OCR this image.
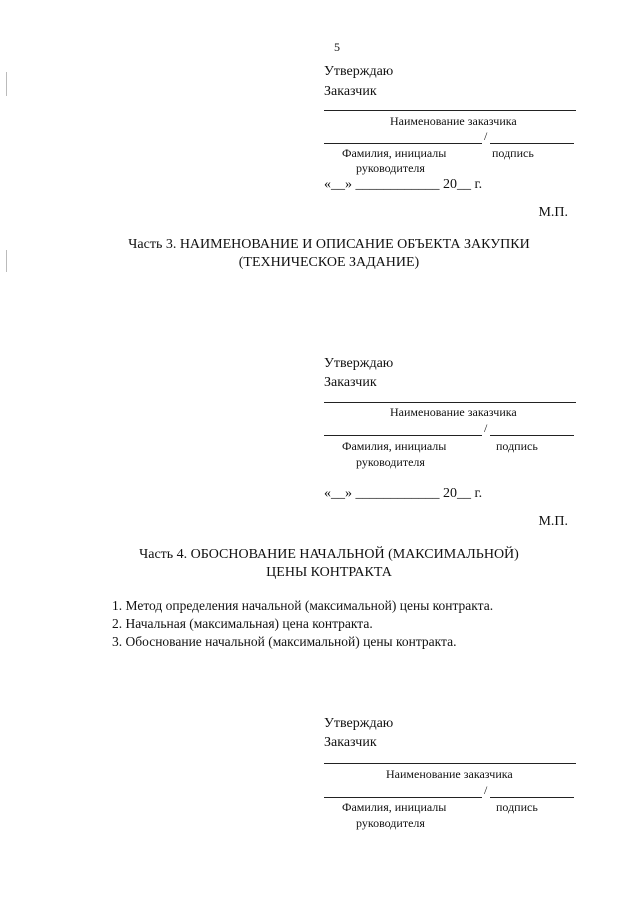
5
Утверждаю
Заказчик
Наименование заказчика
/
Фамилия, инициалы
руководителя
подпись
«__» ____________ 20__ г.
М.П.
Часть 3. НАИМЕНОВАНИЕ И ОПИСАНИЕ ОБЪЕКТА ЗАКУПКИ
(ТЕХНИЧЕСКОЕ ЗАДАНИЕ)
Утверждаю
Заказчик
Наименование заказчика
/
Фамилия, инициалы
руководителя
подпись
«__» ____________ 20__ г.
М.П.
Часть 4. ОБОСНОВАНИЕ НАЧАЛЬНОЙ (МАКСИМАЛЬНОЙ)
ЦЕНЫ КОНТРАКТА
1. Метод определения начальной (максимальной) цены контракта.
2. Начальная (максимальная) цена контракта.
3. Обоснование начальной (максимальной) цены контракта.
Утверждаю
Заказчик
Наименование заказчика
/
Фамилия, инициалы
руководителя
подпись
